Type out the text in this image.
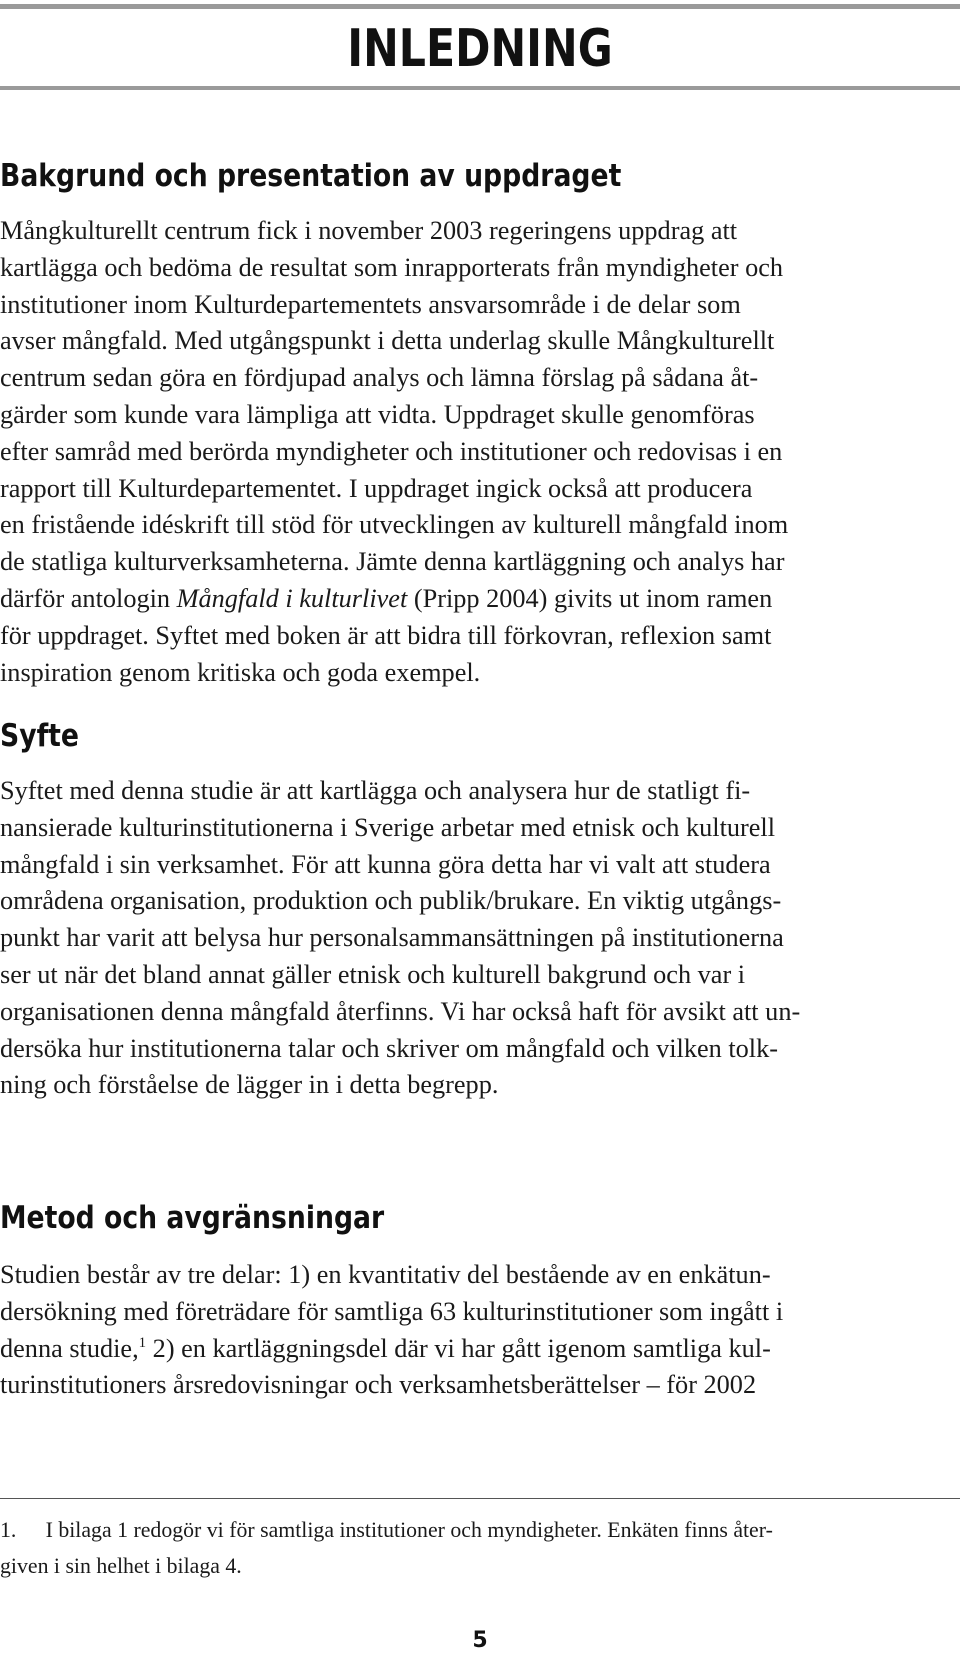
INLEDNING
Bakgrund och presentation av uppdraget
Mångkulturellt centrum fick i november 2003 regeringens uppdrag att
kartlägga och bedöma de resultat som inrapporterats från myndigheter och
institutioner inom Kulturdepartementets ansvarsområde i de delar som
avser mångfald. Med utgångspunkt i detta underlag skulle Mångkulturellt
centrum sedan göra en fördjupad analys och lämna förslag på sådana åt-
gärder som kunde vara lämpliga att vidta. Uppdraget skulle genomföras
efter samråd med berörda myndigheter och institutioner och redovisas i en
rapport till Kulturdepartementet. I uppdraget ingick också att producera
en fristående idéskrift till stöd för utvecklingen av kulturell mångfald inom
de statliga kulturverksamheterna. Jämte denna kartläggning och analys har
därför antologin Mångfald i kulturlivet (Pripp 2004) givits ut inom ramen
för uppdraget. Syftet med boken är att bidra till förkovran, reflexion samt
inspiration genom kritiska och goda exempel.
Syfte
Syftet med denna studie är att kartlägga och analysera hur de statligt fi-
nansierade kulturinstitutionerna i Sverige arbetar med etnisk och kulturell
mångfald i sin verksamhet. För att kunna göra detta har vi valt att studera
områdena organisation, produktion och publik/brukare. En viktig utgångs-
punkt har varit att belysa hur personalsammansättningen på institutionerna
ser ut när det bland annat gäller etnisk och kulturell bakgrund och var i
organisationen denna mångfald återfinns. Vi har också haft för avsikt att un-
dersöka hur institutionerna talar och skriver om mångfald och vilken tolk-
ning och förståelse de lägger in i detta begrepp.
Metod och avgränsningar
Studien består av tre delar: 1) en kvantitativ del bestående av en enkätun-
dersökning med företrädare för samtliga 63 kulturinstitutioner som ingått i
denna studie,$^1$ 2) en kartläggningsdel där vi har gått igenom samtliga kul-
turinstitutioners årsredovisningar och verksamhetsberättelser – för 2002
1. I bilaga 1 redogör vi för samtliga institutioner och myndigheter. Enkäten finns åter-
given i sin helhet i bilaga 4.
5
